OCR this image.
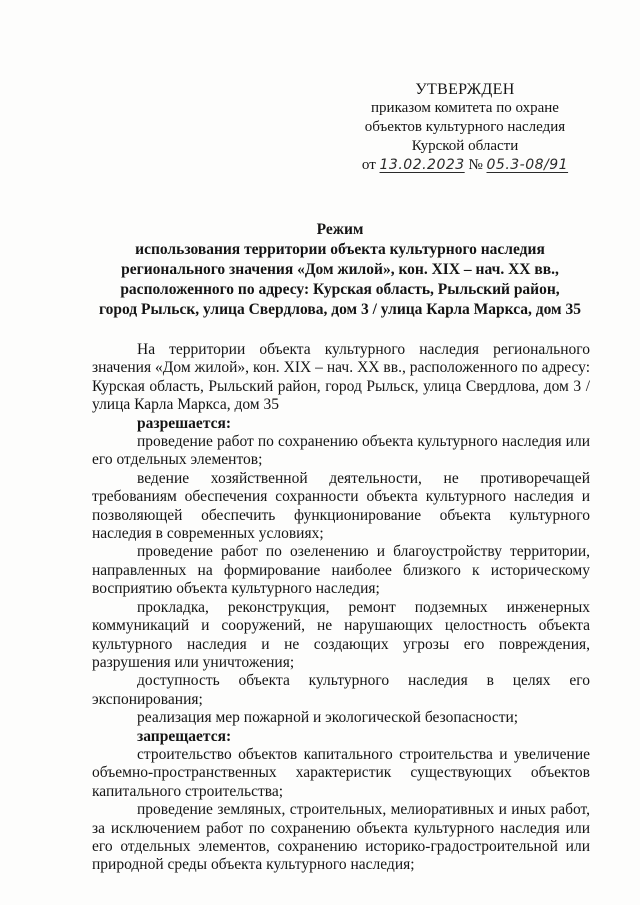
УТВЕРЖДЕН
приказом комитета по охране
объектов культурного наследия
Курской области
от 13.02.2023 № 05.3-08/91
Режим
использования территории объекта культурного наследия
регионального значения «Дом жилой», кон. XIX – нач. XX вв.,
расположенного по адресу: Курская область, Рыльский район,
город Рыльск, улица Свердлова, дом 3 / улица Карла Маркса, дом 35

На территории объекта культурного наследия регионального значения «Дом жилой», кон. XIX – нач. XX вв., расположенного по адресу: Курская область, Рыльский район, город Рыльск, улица Свердлова, дом 3 / улица Карла Маркса, дом 35

разрешается:

проведение работ по сохранению объекта культурного наследия или его отдельных элементов;

ведение хозяйственной деятельности, не противоречащей требованиям обеспечения сохранности объекта культурного наследия и позволяющей обеспечить функционирование объекта культурного наследия в современных условиях;

проведение работ по озеленению и благоустройству территории, направленных на формирование наиболее близкого к историческому восприятию объекта культурного наследия;

прокладка, реконструкция, ремонт подземных инженерных коммуникаций и сооружений, не нарушающих целостность объекта культурного наследия и не создающих угрозы его повреждения, разрушения или уничтожения;

доступность объекта культурного наследия в целях его экспонирования;

реализация мер пожарной и экологической безопасности;

запрещается:

строительство объектов капитального строительства и увеличение объемно-пространственных характеристик существующих объектов капитального строительства;

проведение земляных, строительных, мелиоративных и иных работ, за исключением работ по сохранению объекта культурного наследия или его отдельных элементов, сохранению историко-градостроительной или природной среды объекта культурного наследия;
